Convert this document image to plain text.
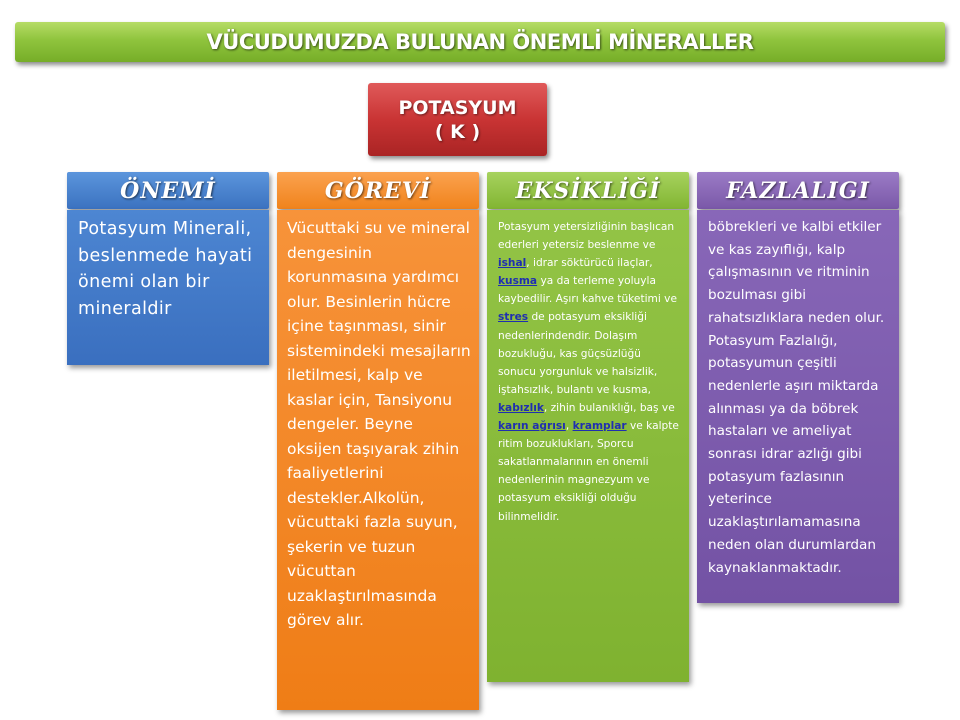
VÜCUDUMUZDA BULUNAN ÖNEMLİ MİNERALLER
POTASYUM
( K )
ÖNEMİ

Potasyum Minerali, beslenmede hayati önemi olan bir mineraldir

GÖREVİ

Vücuttaki su ve mineral dengesinin korunmasına yardımcı olur. Besinlerin hücre içine taşınması, sinir sistemindeki mesajların iletilmesi, kalp ve kaslar için, Tansiyonu dengeler. Beyne oksijen taşıyarak zihin faaliyetlerini destekler.Alkolün, vücuttaki fazla suyun, şekerin ve tuzun vücuttan uzaklaştırılmasında görev alır.

EKSİKLİĞİ

Potasyum yetersizliğinin başlıcan ederleri yetersiz beslenme ve ishal, idrar söktürücü ilaçlar, kusma ya da terleme yoluyla kaybedilir. Aşırı kahve tüketimi ve stres de potasyum eksikliği nedenlerindendir. Dolaşım bozukluğu, kas güçsüzlüğü sonucu yorgunluk ve halsizlik, iştahsızlık, bulantı ve kusma, kabızlık, zihin bulanıklığı, baş ve karın ağrısı, kramplar ve kalpte ritim bozuklukları, Sporcu sakatlanmalarının en önemli nedenlerinin magnezyum ve potasyum eksikliği olduğu bilinmelidir.

FAZLALIGI

böbrekleri ve kalbi etkiler ve kas zayıflığı, kalp çalışmasının ve ritminin bozulması gibi rahatsızlıklara neden olur. Potasyum Fazlalığı, potasyumun çeşitli nedenlerle aşırı miktarda alınması ya da böbrek hastaları ve ameliyat sonrası idrar azlığı gibi potasyum fazlasının yeterince uzaklaştırılamamasına neden olan durumlardan kaynaklanmaktadır.
